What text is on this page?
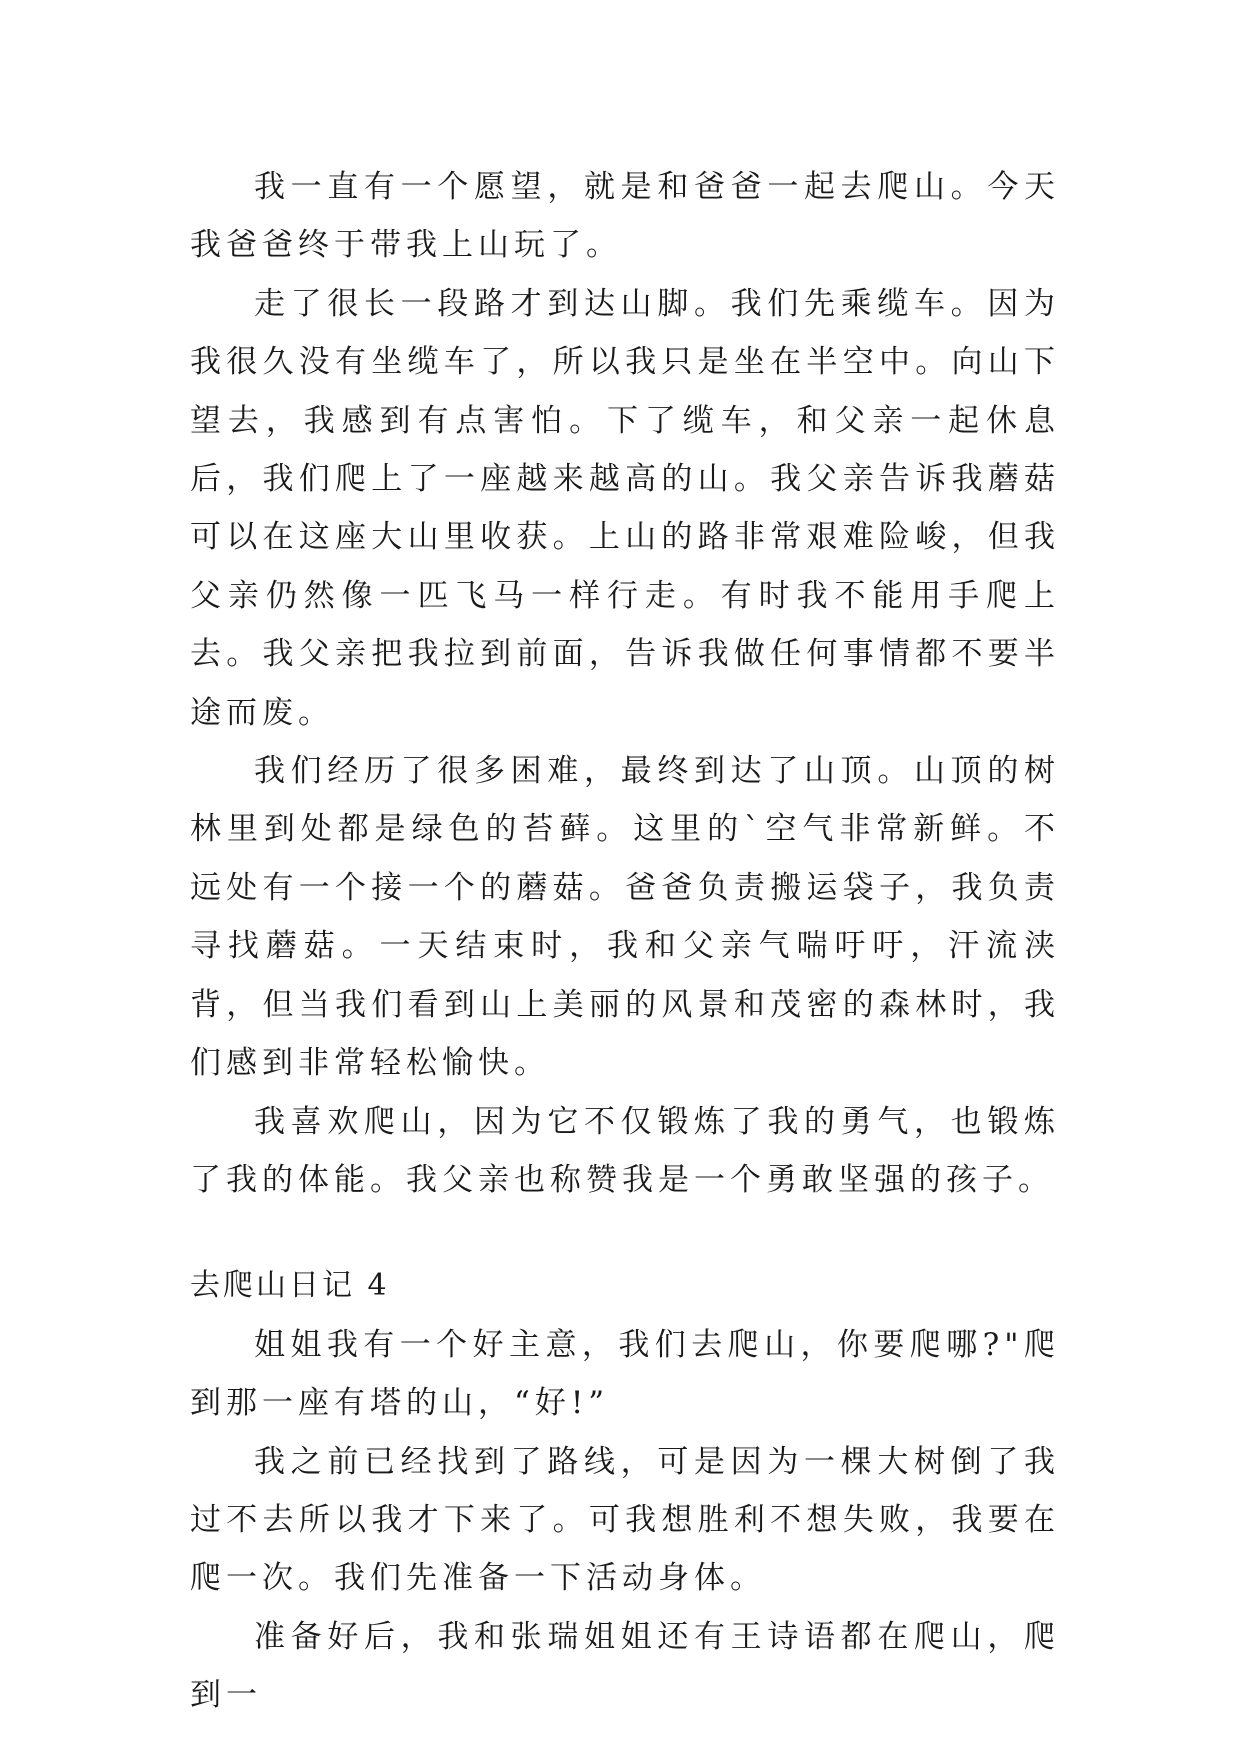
我一直有一个愿望，就是和爸爸一起去爬山。今天我爸爸终于带我上山玩了。

走了很长一段路才到达山脚。我们先乘缆车。因为我很久没有坐缆车了，所以我只是坐在半空中。向山下望去，我感到有点害怕。下了缆车，和父亲一起休息后，我们爬上了一座越来越高的山。我父亲告诉我蘑菇可以在这座大山里收获。上山的路非常艰难险峻，但我父亲仍然像一匹飞马一样行走。有时我不能用手爬上去。我父亲把我拉到前面，告诉我做任何事情都不要半途而废。

我们经历了很多困难，最终到达了山顶。山顶的树林里到处都是绿色的苔藓。这里的`空气非常新鲜。不远处有一个接一个的蘑菇。爸爸负责搬运袋子，我负责寻找蘑菇。一天结束时，我和父亲气喘吁吁，汗流浃背，但当我们看到山上美丽的风景和茂密的森林时，我们感到非常轻松愉快。

我喜欢爬山，因为它不仅锻炼了我的勇气，也锻炼了我的体能。我父亲也称赞我是一个勇敢坚强的孩子。

去爬山日记 4

姐姐我有一个好主意，我们去爬山，你要爬哪?"爬到那一座有塔的山，“好!”

我之前已经找到了路线，可是因为一棵大树倒了我过不去所以我才下来了。可我想胜利不想失败，我要在爬一次。我们先准备一下活动身体。

准备好后，我和张瑞姐姐还有王诗语都在爬山，爬到一
